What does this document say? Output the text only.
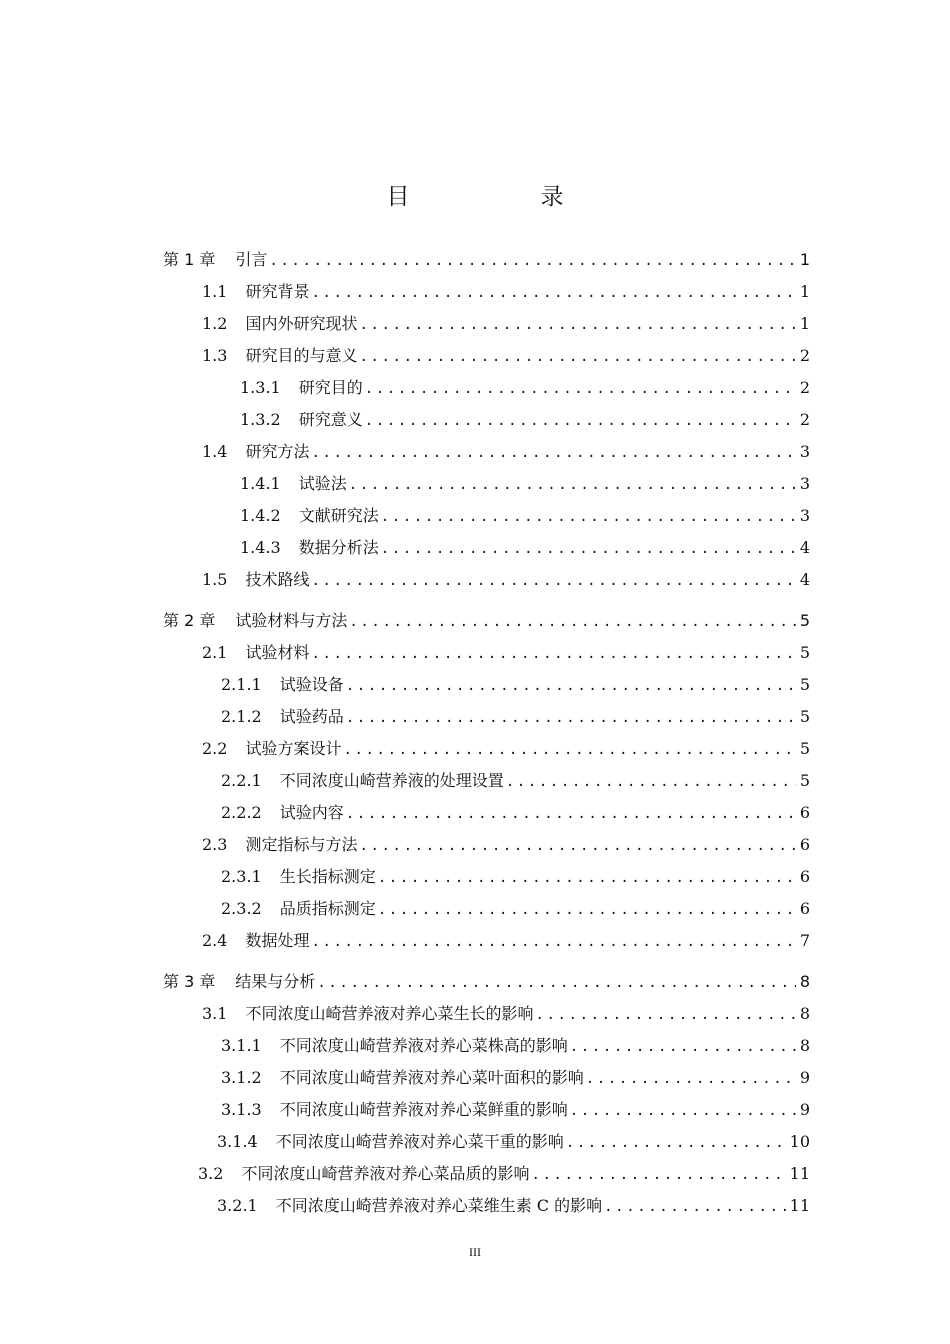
目　录
第 1 章 引言 .....	1
1.1 研究背景 .....	1
1.2 国内外研究现状 .....	1
1.3 研究目的与意义 .....	2
1.3.1 研究目的 .....	2
1.3.2 研究意义 .....	2
1.4 研究方法 .....	3
1.4.1 试验法 .....	3
1.4.2 文献研究法 .....	3
1.4.3 数据分析法 .....	4
1.5 技术路线 .....	4
第 2 章 试验材料与方法 .....	5
2.1 试验材料 .....	5
2.1.1 试验设备 .....	5
2.1.2 试验药品 .....	5
2.2 试验方案设计 .....	5
2.2.1 不同浓度山崎营养液的处理设置 .....	5
2.2.2 试验内容 .....	6
2.3 测定指标与方法 .....	6
2.3.1 生长指标测定 .....	6
2.3.2 品质指标测定 .....	6
2.4 数据处理 .....	7
第 3 章 结果与分析 .....	8
3.1 不同浓度山崎营养液对养心菜生长的影响 .....	8
3.1.1 不同浓度山崎营养液对养心菜株高的影响 .....	8
3.1.2 不同浓度山崎营养液对养心菜叶面积的影响 .....	9
3.1.3 不同浓度山崎营养液对养心菜鲜重的影响 .....	9
3.1.4 不同浓度山崎营养液对养心菜干重的影响 .....	10
3.2 不同浓度山崎营养液对养心菜品质的影响 .....	11
3.2.1 不同浓度山崎营养液对养心菜维生素 C 的影响 .....	11
III
